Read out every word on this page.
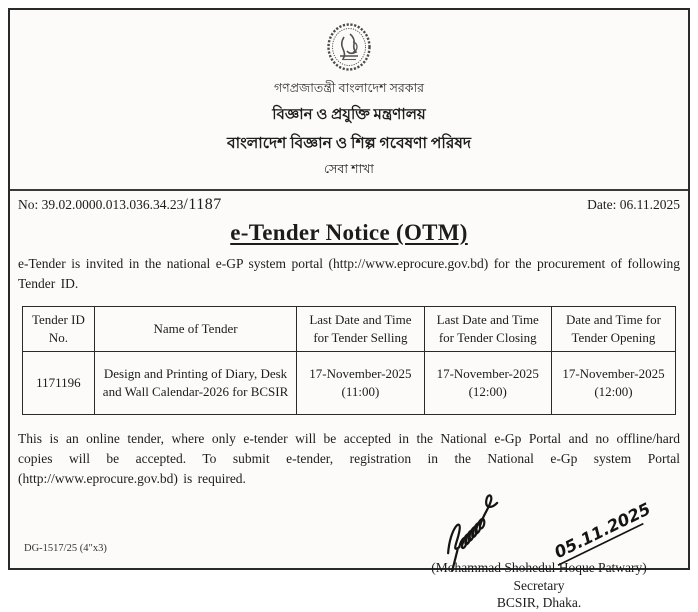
গণপ্রজাতন্ত্রী বাংলাদেশ সরকার
বিজ্ঞান ও প্রযুক্তি মন্ত্রণালয়
বাংলাদেশ বিজ্ঞান ও শিল্প গবেষণা পরিষদ
সেবা শাখা
No: 39.02.0000.013.036.34.23/1187	Date: 06.11.2025
e-Tender Notice (OTM)

e-Tender is invited in the national e-GP system portal (http://www.eprocure.gov.bd) for the procurement of following Tender ID.

Tender ID No.	Name of Tender	Last Date and Time for Tender Selling	Last Date and Time for Tender Closing	Date and Time for Tender Opening
1171196	Design and Printing of Diary, Desk and Wall Calendar-2026 for BCSIR	17-November-2025 (11:00)	17-November-2025 (12:00)	17-November-2025 (12:00)

This is an online tender, where only e-tender will be accepted in the National e-Gp Portal and no offline/hard copies will be accepted. To submit e-tender, registration in the National e-Gp system Portal (http://www.eprocure.gov.bd) is required.

05.11.2025
(Mohammad Shohedul Hoque Patwary)
Secretary
BCSIR, Dhaka.
DG-1517/25 (4″x3)
